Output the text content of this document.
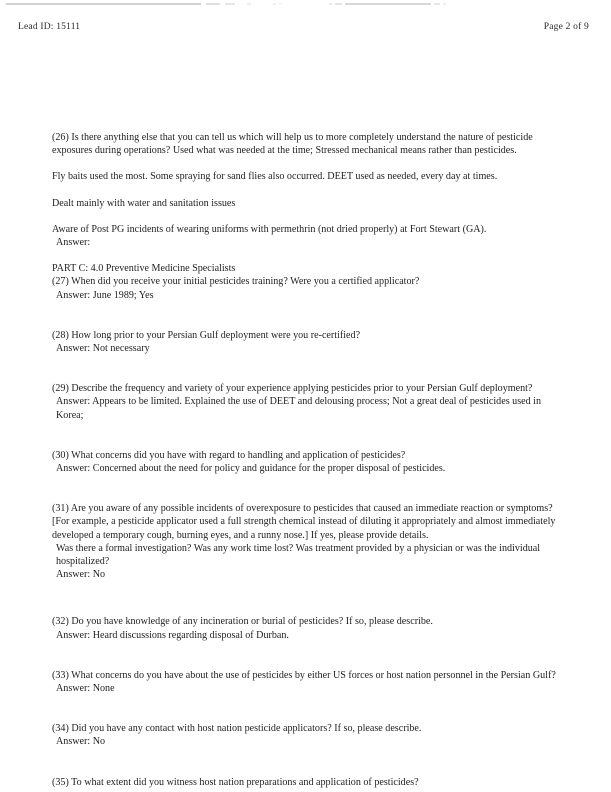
Lead ID: 15111	Page 2 of 9

(26) Is there anything else that you can tell us which will help us to more completely understand the nature of pesticide exposures during operations? Used what was needed at the time; Stressed mechanical means rather than pesticides.

Fly baits used the most. Some spraying for sand flies also occurred. DEET used as needed, every day at times.

Dealt mainly with water and sanitation issues

Aware of Post PG incidents of wearing uniforms with permethrin (not dried properly) at Fort Stewart (GA).

Answer:

PART C: 4.0 Preventive Medicine Specialists

(27) When did you receive your initial pesticides training? Were you a certified applicator?

Answer: June 1989; Yes

(28) How long prior to your Persian Gulf deployment were you re-certified?

Answer: Not necessary

(29) Describe the frequency and variety of your experience applying pesticides prior to your Persian Gulf deployment?

Answer: Appears to be limited. Explained the use of DEET and delousing process; Not a great deal of pesticides used in Korea;

(30) What concerns did you have with regard to handling and application of pesticides?

Answer: Concerned about the need for policy and guidance for the proper disposal of pesticides.

(31) Are you aware of any possible incidents of overexposure to pesticides that caused an immediate reaction or symptoms? [For example, a pesticide applicator used a full strength chemical instead of diluting it appropriately and almost immediately developed a temporary cough, burning eyes, and a runny nose.] If yes, please provide details.

Was there a formal investigation? Was any work time lost? Was treatment provided by a physician or was the individual hospitalized?

Answer: No

(32) Do you have knowledge of any incineration or burial of pesticides? If so, please describe.

Answer: Heard discussions regarding disposal of Durban.

(33) What concerns do you have about the use of pesticides by either US forces or host nation personnel in the Persian Gulf?

Answer: None

(34) Did you have any contact with host nation pesticide applicators? If so, please describe.

Answer: No

(35) To what extent did you witness host nation preparations and application of pesticides?
